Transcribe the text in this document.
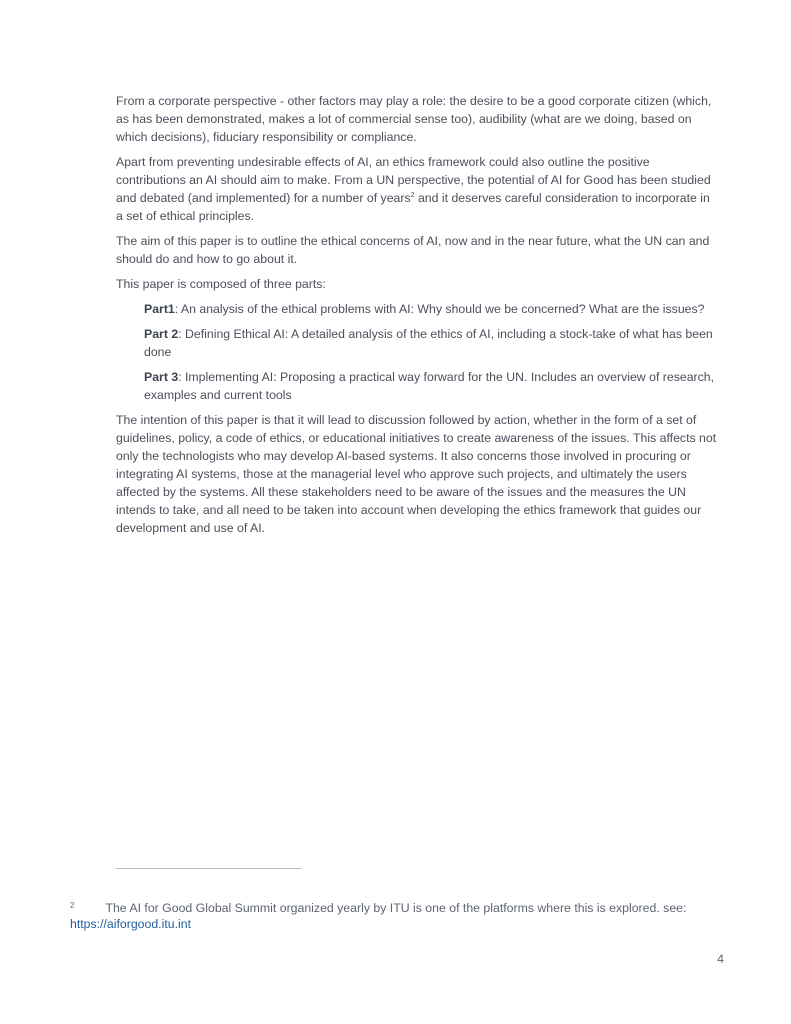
From a corporate perspective - other factors may play a role: the desire to be a good corporate citizen (which, as has been demonstrated, makes a lot of commercial sense too), audibility (what are we doing, based on which decisions), fiduciary responsibility or compliance.

Apart from preventing undesirable effects of AI, an ethics framework could also outline the positive contributions an AI should aim to make. From a UN perspective, the potential of AI for Good has been studied and debated (and implemented) for a number of years$^2$ and it deserves careful consideration to incorporate in a set of ethical principles.

The aim of this paper is to outline the ethical concerns of AI, now and in the near future, what the UN can and should do and how to go about it.

This paper is composed of three parts:

Part1: An analysis of the ethical problems with AI: Why should we be concerned? What are the issues?

Part 2: Defining Ethical AI: A detailed analysis of the ethics of AI, including a stock-take of what has been done

Part 3: Implementing AI: Proposing a practical way forward for the UN. Includes an overview of research, examples and current tools

The intention of this paper is that it will lead to discussion followed by action, whether in the form of a set of guidelines, policy, a code of ethics, or educational initiatives to create awareness of the issues. This affects not only the technologists who may develop AI-based systems. It also concerns those involved in procuring or integrating AI systems, those at the managerial level who approve such projects, and ultimately the users affected by the systems. All these stakeholders need to be aware of the issues and the measures the UN intends to take, and all need to be taken into account when developing the ethics framework that guides our development and use of AI.

$^2$	The AI for Good Global Summit organized yearly by ITU is one of the platforms where this is explored. see:
https://aiforgood.itu.int
4
